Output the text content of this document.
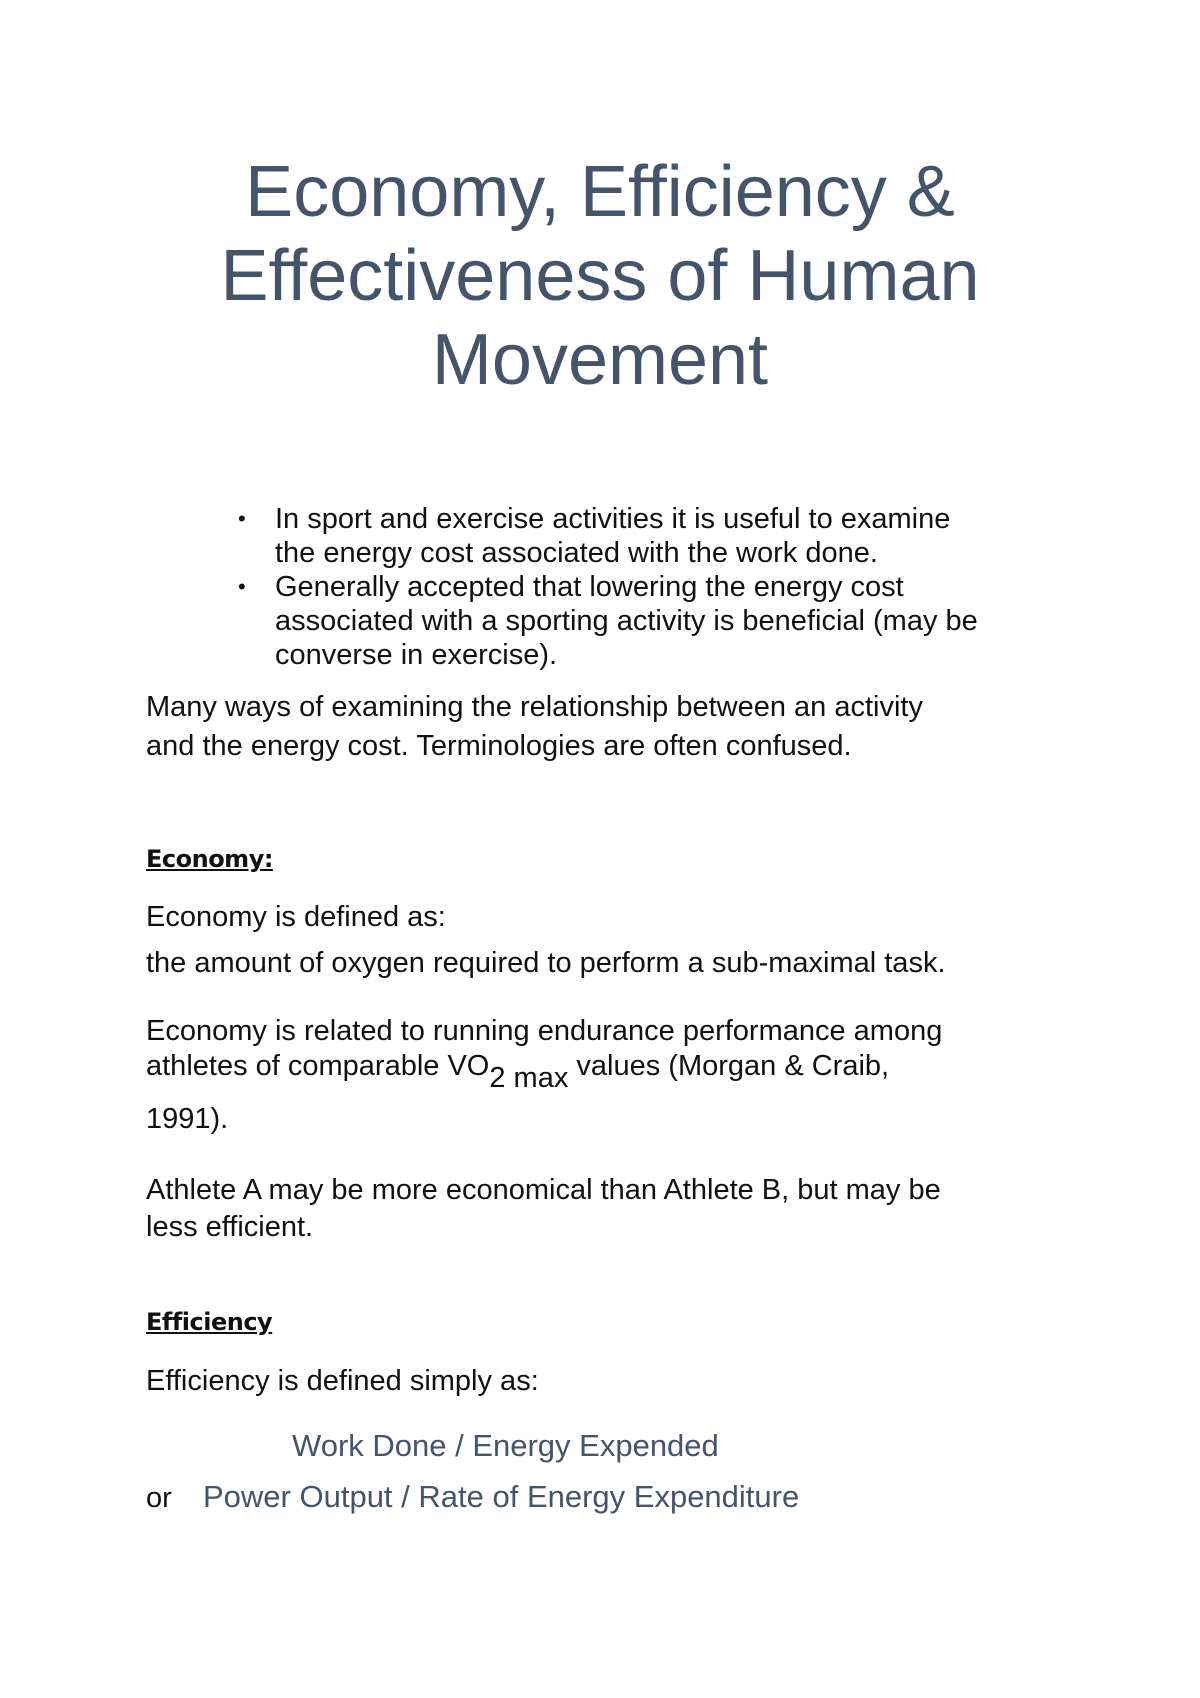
Economy, Efficiency &
Effectiveness of Human
Movement
• In sport and exercise activities it is useful to examine
the energy cost associated with the work done.
• Generally accepted that lowering the energy cost
associated with a sporting activity is beneficial (may be
converse in exercise).
Many ways of examining the relationship between an activity
and the energy cost. Terminologies are often confused.
Economy:

Economy is defined as:

the amount of oxygen required to perform a sub-maximal task.

Economy is related to running endurance performance among

athletes of comparable VO2 max values (Morgan & Craib,

1991).

Athlete A may be more economical than Athlete B, but may be
less efficient.
Efficiency

Efficiency is defined simply as:

Work Done / Energy Expended

or Power Output / Rate of Energy Expenditure
